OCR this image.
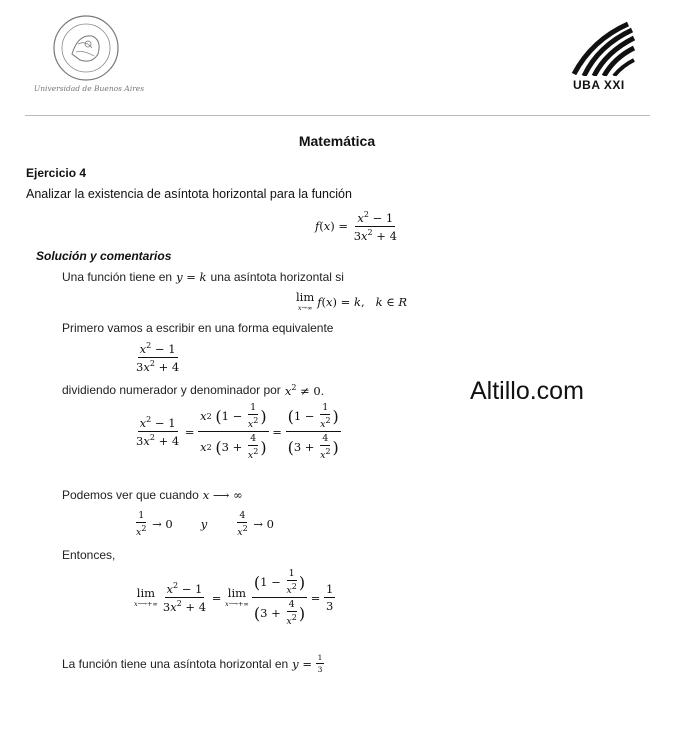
Universidad de Buenos Aires	UBA XXI
Matemática
Ejercicio 4
Analizar la existencia de asíntota horizontal para la función
$f(x) = \frac{x^2 - 1}{3x^2 + 4}$
Solución y comentarios
Una función tiene en y = k una asíntota horizontal si
lim
x→∞ f(x) = k,   k ∈ R
Primero vamos a escribir en una forma equivalente
$\frac{x^2 - 1}{3x^2 + 4}$
dividiendo numerador y denominador por $x^2 \ne 0$.
$\frac{x^2 - 1}{3x^2 + 4} = x$ 2
( $1 - \frac{1}{x^2}$ )
x 2
( $3 + \frac{4}{x^2}$ ) = $\frac{( 1 - \frac{1}{x^2} )}{( 3 + \frac{4}{x^2} )}$
Altillo.com
Podemos ver que cuando x ⟶ ∞
$\frac{1}{x^2} \to 0$ y	$\frac{4}{x^2} \to 0$
Entonces,
lim
x⟶+∞ $\frac{x^2 - 1}{3x^2 + 4} = \lim$
x⟶+∞ $\frac{( 1 - \frac{1}{x^2} )}{( 3 + \frac{4}{x^2} )} = \frac{1}{3}$
La función tiene una asíntota horizontal en $y = \frac{1}{3}$
